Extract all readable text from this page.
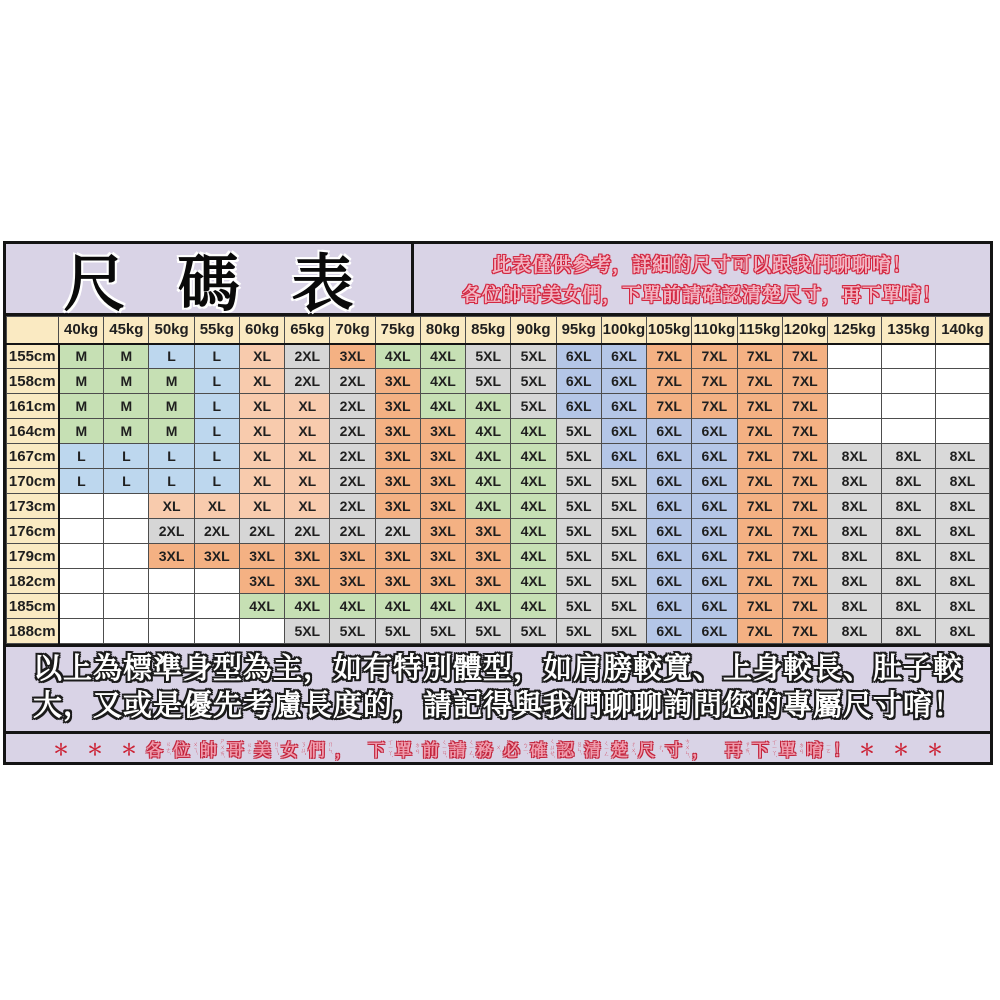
尺碼表	此表僅供參考，詳細的尺寸可以跟我們聊聊唷！
各位帥哥美女們，下單前請確認清楚尺寸，再下單唷！
	40kg	45kg	50kg	55kg	60kg	65kg	70kg	75kg	80kg	85kg	90kg	95kg	100kg	105kg	110kg	115kg	120kg	125kg	135kg	140kg
155cm	M	M	L	L	XL	2XL	3XL	4XL	4XL	5XL	5XL	6XL	6XL	7XL	7XL	7XL	7XL			
158cm	M	M	M	L	XL	2XL	2XL	3XL	4XL	5XL	5XL	6XL	6XL	7XL	7XL	7XL	7XL			
161cm	M	M	M	L	XL	XL	2XL	3XL	4XL	4XL	5XL	6XL	6XL	7XL	7XL	7XL	7XL			
164cm	M	M	M	L	XL	XL	2XL	3XL	3XL	4XL	4XL	5XL	6XL	6XL	6XL	7XL	7XL			
167cm	L	L	L	L	XL	XL	2XL	3XL	3XL	4XL	4XL	5XL	6XL	6XL	6XL	7XL	7XL	8XL	8XL	8XL
170cm	L	L	L	L	XL	XL	2XL	3XL	3XL	4XL	4XL	5XL	5XL	6XL	6XL	7XL	7XL	8XL	8XL	8XL
173cm			XL	XL	XL	XL	2XL	3XL	3XL	4XL	4XL	5XL	5XL	6XL	6XL	7XL	7XL	8XL	8XL	8XL
176cm			2XL	2XL	2XL	2XL	2XL	2XL	3XL	3XL	4XL	5XL	5XL	6XL	6XL	7XL	7XL	8XL	8XL	8XL
179cm			3XL	3XL	3XL	3XL	3XL	3XL	3XL	3XL	4XL	5XL	5XL	6XL	6XL	7XL	7XL	8XL	8XL	8XL
182cm					3XL	3XL	3XL	3XL	3XL	3XL	4XL	5XL	5XL	6XL	6XL	7XL	7XL	8XL	8XL	8XL
185cm					4XL	4XL	4XL	4XL	4XL	4XL	4XL	5XL	5XL	6XL	6XL	7XL	7XL	8XL	8XL	8XL
188cm						5XL	5XL	5XL	5XL	5XL	5XL	5XL	5XL	6XL	6XL	7XL	7XL	8XL	8XL	8XL
以上為標準身型為主，如有特別體型，如肩膀較寬、上身較長、肚子較
大，又或是優先考慮長度的，請記得與我們聊聊詢問您的專屬尺寸唷！
＊ ＊ ＊ 各 ㄍㄜˋ 位 ㄨㄟˋ 帥 ㄕㄨㄞˋ 哥 ㄍㄜ 美 ㄇㄟˇ 女 ㄋㄩˇ 們 ㄇㄣ˙ ， 下 ㄒㄧㄚˋ 單 ㄉㄢ 前 ㄑㄧㄢˊ 請 ㄑㄧㄥˇ 務 ㄨˋ 必 ㄅㄧˋ 確 ㄑㄩㄝˋ 認 ㄖㄣˋ 清 ㄑㄧㄥ 楚 ㄔㄨˇ 尺 ㄔˇ 寸 ㄘㄨㄣˋ ， 再 ㄗㄞˋ 下 ㄒㄧㄚˋ 單 ㄉㄢ 唷 ㄧㄛ ！ ＊ ＊ ＊
